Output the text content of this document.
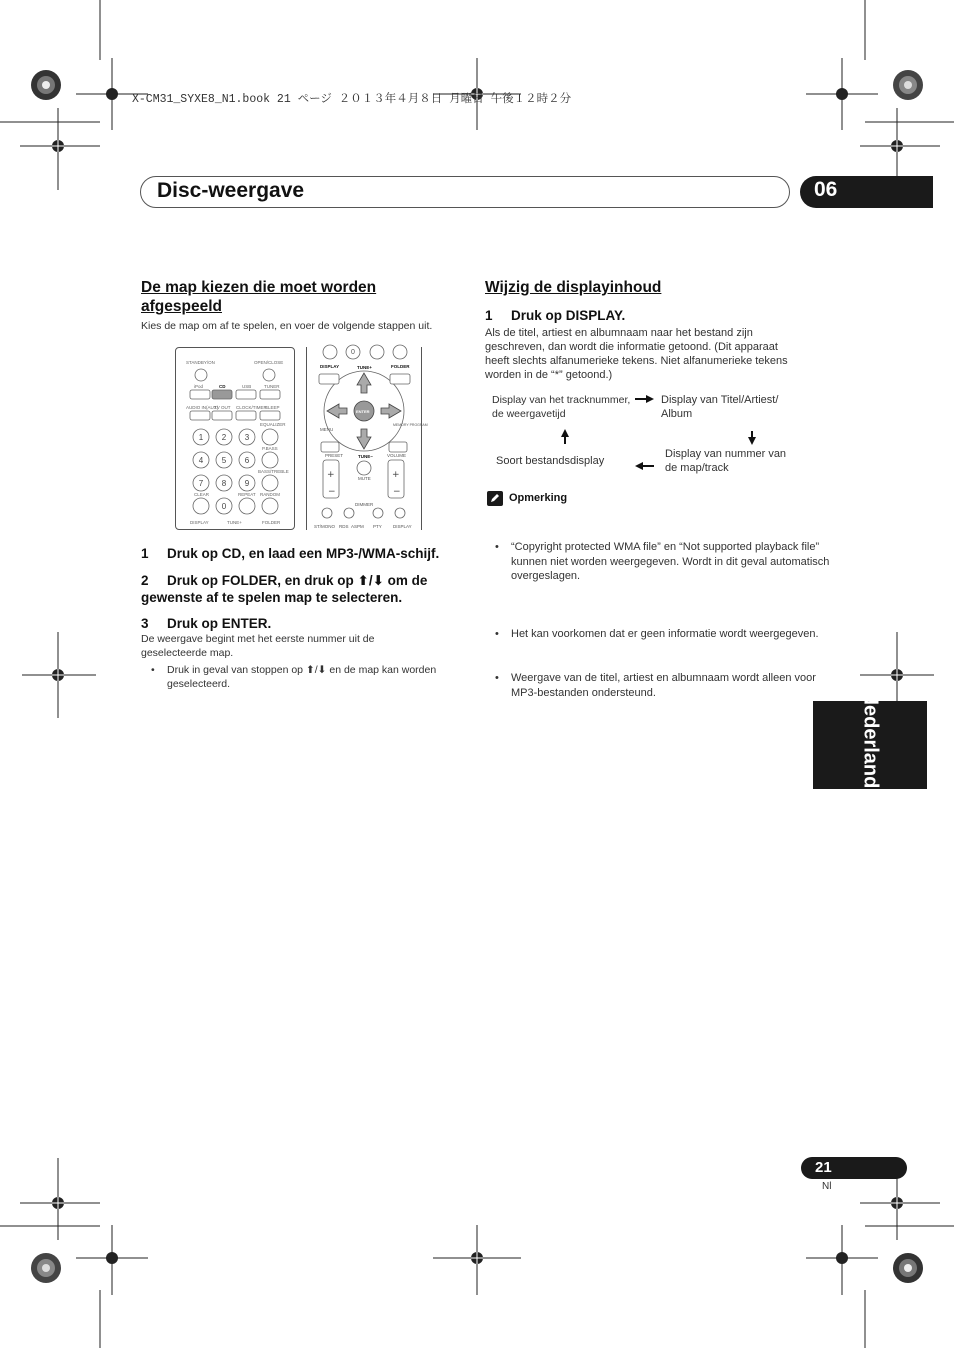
X-CM31_SYXE8_N1.book 21 ページ ２０１３年４月８日 月曜日 午後１２時２分
Disc-weergave	06
De map kiezen die moet worden afgespeeld
Kies de map om af te spelen, en voer de volgende stappen uit.
1 2 3
4 5 6
7 8 9
0
STANDBY/ON	OPEN/CLOSE
iPod	CD	USB	TUNER
AUDIO IN(AUX)
TV OUT CLOCK/TIMER
SLEEP
EQUALIZER
P.BASS
BASS/TREBLE
CLEAR	REPEAT RANDOM
DISPLAY	TUNE+	FOLDER
0
DISPLAY	TUNE+	FOLDER
ENTER
MENU
MEMORY PROGRAM
TUNE−
PRESET	VOLUME
MUTE
DIMMER
ST/MONO RDS ASPM PTY DISPLAY
+	+
−	−
1 Druk op CD, en laad een MP3-/WMA-schijf.
2 Druk op FOLDER, en druk op ⬆/⬇ om de gewenste af te spelen map te selecteren.
3 Druk op ENTER.
De weergave begint met het eerste nummer uit de geselecteerde map.
• Druk in geval van stoppen op ⬆/⬇ en de map kan worden geselecteerd.
Wijzig de displayinhoud
1 Druk op DISPLAY.
Als de titel, artiest en albumnaam naar het bestand zijn geschreven, dan wordt die informatie getoond. (Dit apparaat heeft slechts alfanumerieke tekens. Niet alfanumerieke tekens worden in de “*” getoond.)
Display van het tracknummer, de weergavetijd
Display van Titel/Artiest/ Album
Display van nummer van de map/track
Soort bestandsdisplay
Opmerking
• “Copyright protected WMA file” en “Not supported playback file” kunnen niet worden weergegeven. Wordt in dit geval automatisch overgeslagen.
• Het kan voorkomen dat er geen informatie wordt weergegeven.
• Weergave van de titel, artiest en albumnaam wordt alleen voor MP3-bestanden ondersteund.	Nederlands
21
Nl
